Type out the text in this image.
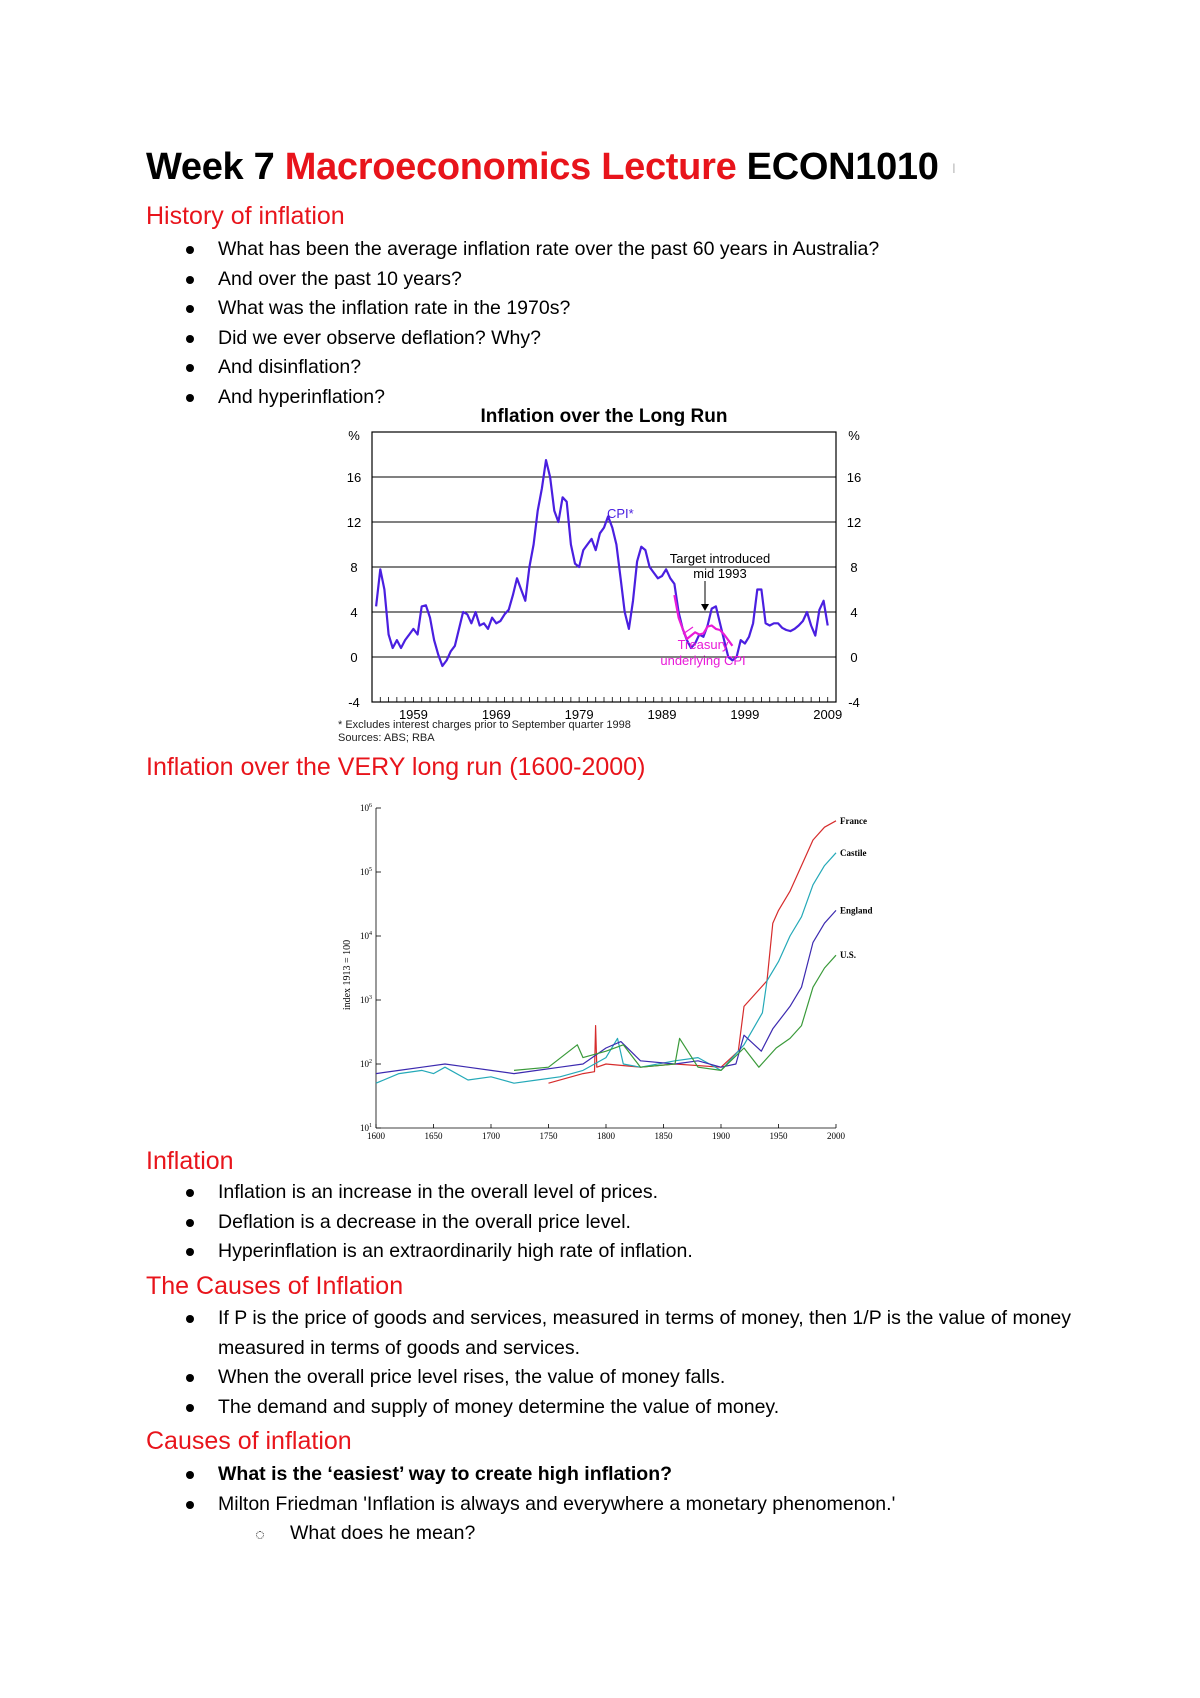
Week 7 Macroeconomics Lecture ECON1010 |
History of inflation
What has been the average inflation rate over the past 60 years in Australia?
And over the past 10 years?
What was the inflation rate in the 1970s?
Did we ever observe deflation? Why?
And disinflation?
And hyperinflation?
Inflation over the Long Run
-4
0
4
8
12
16
-4
0
4
8
12
16
%	%
1959	1969	1979	1989	1999	2009
CPI*
Target introduced
mid 1993
Treasury
underlying CPI
* Excludes interest charges prior to September quarter 1998
Sources: ABS; RBA
Inflation over the VERY long run (1600-2000)
index 1913 = 100
$10^1$
$10^2$
$10^3$
$10^4$
$10^5$
$10^6$
1600	1650	1700	1750	1800	1850	1900	1950	2000
France
Castile
England
U.S.
Inflation
Inflation is an increase in the overall level of prices.
Deflation is a decrease in the overall price level.
Hyperinflation is an extraordinarily high rate of inflation.
The Causes of Inflation
If P is the price of goods and services, measured in terms of money, then 1/P is the value of money measured in terms of goods and services.
When the overall price level rises, the value of money falls.
The demand and supply of money determine the value of money.
Causes of inflation
What is the ‘easiest’ way to create high inflation?
Milton Friedman 'Inflation is always and everywhere a monetary phenomenon.'
What does he mean?
